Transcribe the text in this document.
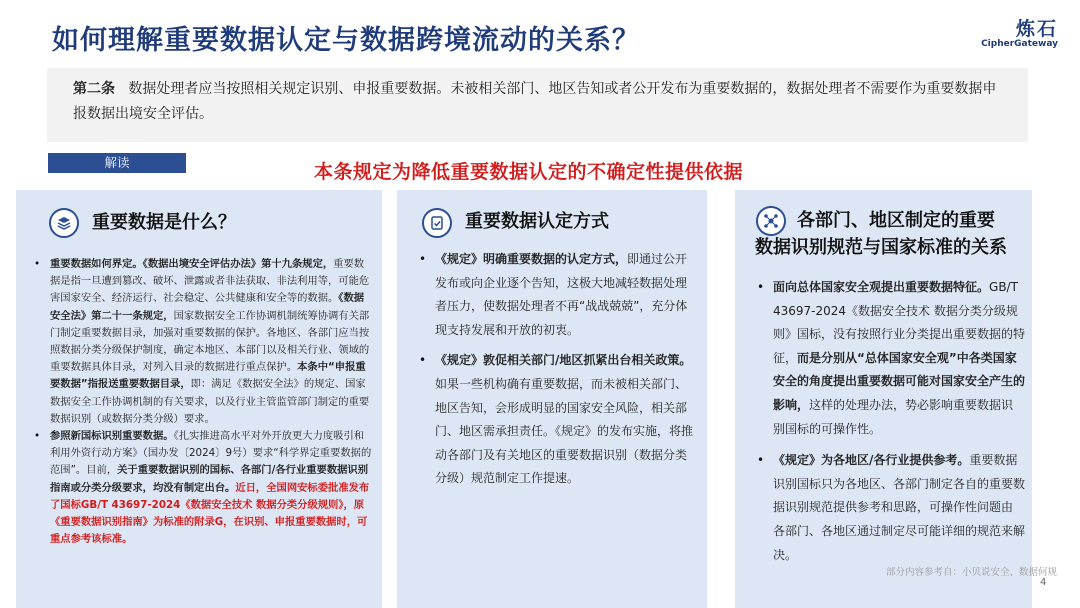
如何理解重要数据认定与数据跨境流动的关系？	炼石
CipherGateway
第二条 数据处理者应当按照相关规定识别、申报重要数据。未被相关部门、地区告知或者公开发布为重要数据的，数据处理者不需要作为重要数据申报数据出境安全评估。
解读	本条规定为降低重要数据认定的不确定性提供依据
重要数据是什么？
• 重要数据如何界定。《数据出境安全评估办法》第十九条规定，重要数据是指一旦遭到篡改、破坏、泄露或者非法获取、非法利用等，可能危害国家安全、经济运行、社会稳定、公共健康和安全等的数据。《数据安全法》第二十一条规定，国家数据安全工作协调机制统筹协调有关部门制定重要数据目录，加强对重要数据的保护。各地区、各部门应当按照数据分类分级保护制度，确定本地区、本部门以及相关行业、领域的重要数据具体目录，对列入目录的数据进行重点保护。本条中“申报重要数据”指报送重要数据目录，即：满足《数据安全法》的规定、国家数据安全工作协调机制的有关要求，以及行业主管监管部门制定的重要数据识别（或数据分类分级）要求。
• 参照新国标识别重要数据。《扎实推进高水平对外开放更大力度吸引和利用外资行动方案》（国办发〔2024〕9号）要求“科学界定重要数据的范围”。目前，关于重要数据识别的国标、各部门/各行业重要数据识别指南或分类分级要求，均没有制定出台。近日，全国网安标委批准发布了国标GB/T 43697-2024《数据安全技术 数据分类分级规则》，原《重要数据识别指南》为标准的附录G，在识别、申报重要数据时，可重点参考该标准。
重要数据认定方式
• 《规定》明确重要数据的认定方式，即通过公开发布或向企业逐个告知，这极大地减轻数据处理者压力，使数据处理者不再“战战兢兢”，充分体现支持发展和开放的初衷。
• 《规定》敦促相关部门/地区抓紧出台相关政策。如果一些机构确有重要数据，而未被相关部门、地区告知，会形成明显的国家安全风险，相关部门、地区需承担责任。《规定》的发布实施，将推动各部门及有关地区的重要数据识别（数据分类分级）规范制定工作提速。
各部门、地区制定的重要
数据识别规范与国家标准的关系
• 面向总体国家安全观提出重要数据特征。GB/T 43697-2024《数据安全技术 数据分类分级规则》国标，没有按照行业分类提出重要数据的特征，而是分别从“总体国家安全观”中各类国家安全的角度提出重要数据可能对国家安全产生的影响，这样的处理办法，势必影响重要数据识别国标的可操作性。
• 《规定》为各地区/各行业提供参考。重要数据识别国标只为各地区、各部门制定各自的重要数据识别规范提供参考和思路，可操作性问题由各部门、各地区通过制定尽可能详细的规范来解决。
部分内容参考自：小贝说安全、数据何规
4
